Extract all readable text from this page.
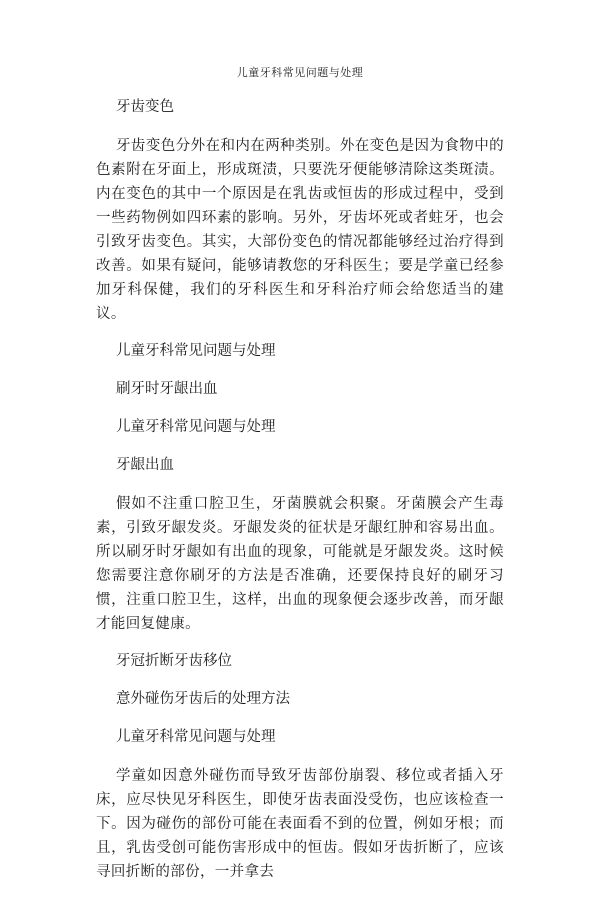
儿童牙科常见问题与处理
牙齿变色

牙齿变色分外在和内在两种类别。外在变色是因为食物中的色素附在牙面上，形成斑渍，只要洗牙便能够清除这类斑渍。内在变色的其中一个原因是在乳齿或恒齿的形成过程中，受到一些药物例如四环素的影响。另外，牙齿坏死或者蛀牙，也会引致牙齿变色。其实，大部份变色的情况都能够经过治疗得到改善。如果有疑问，能够请教您的牙科医生；要是学童已经参加牙科保健，我们的牙科医生和牙科治疗师会给您适当的建议。

儿童牙科常见问题与处理
刷牙时牙龈出血
儿童牙科常见问题与处理
牙龈出血

假如不注重口腔卫生，牙菌膜就会积聚。牙菌膜会产生毒素，引致牙龈发炎。牙龈发炎的征状是牙龈红肿和容易出血。所以刷牙时牙龈如有出血的现象，可能就是牙龈发炎。这时候您需要注意你刷牙的方法是否准确，还要保持良好的刷牙习惯，注重口腔卫生，这样，出血的现象便会逐步改善，而牙龈才能回复健康。

牙冠折断牙齿移位
意外碰伤牙齿后的处理方法
儿童牙科常见问题与处理

学童如因意外碰伤而导致牙齿部份崩裂、移位或者插入牙床，应尽快见牙科医生，即使牙齿表面没受伤，也应该检查一下。因为碰伤的部份可能在表面看不到的位置，例如牙根；而且，乳齿受创可能伤害形成中的恒齿。假如牙齿折断了，应该寻回折断的部份，一并拿去
